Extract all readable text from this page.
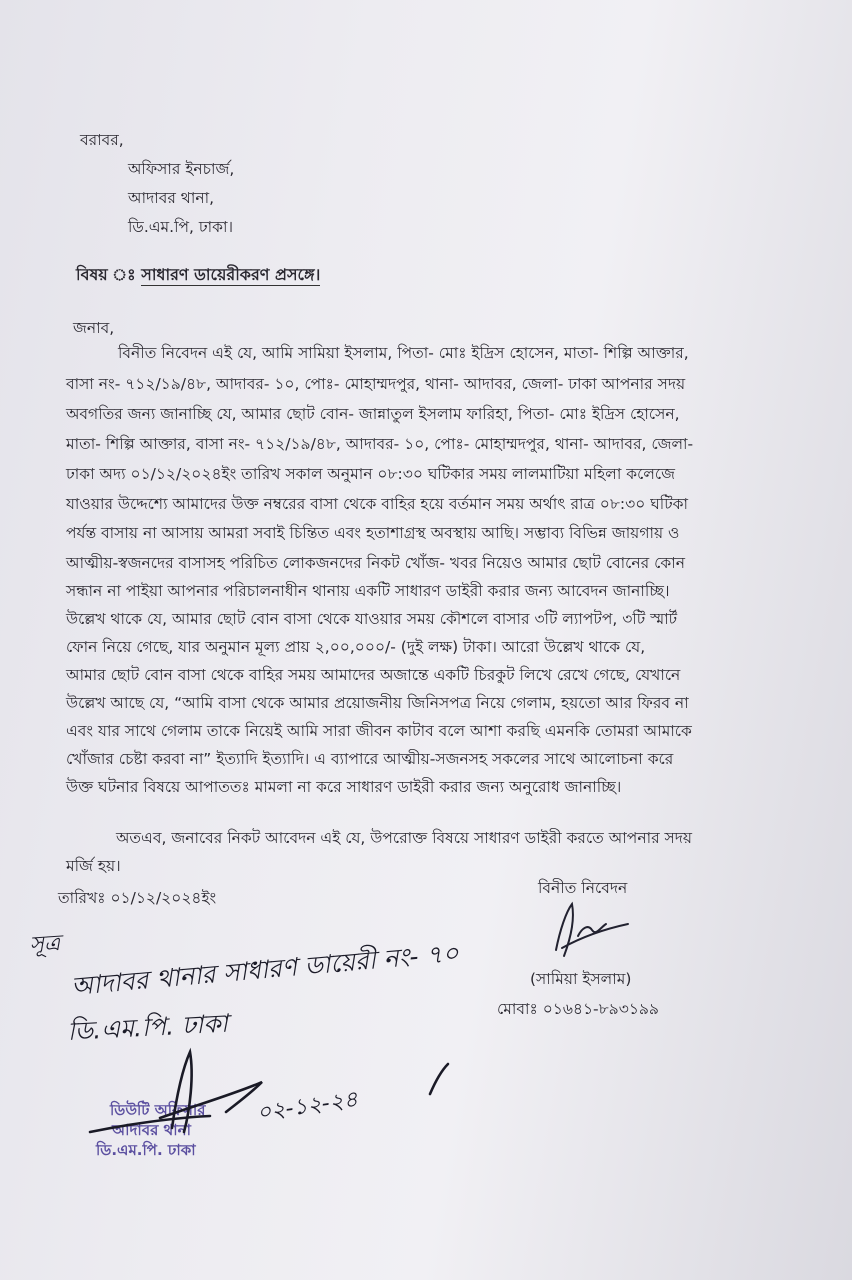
বরাবর,
অফিসার ইনচার্জ,
আদাবর থানা,
ডি.এম.পি, ঢাকা।
বিষয় ঃ সাধারণ ডায়েরীকরণ প্রসঙ্গে।
জনাব,
বিনীত নিবেদন এই যে, আমি সামিয়া ইসলাম, পিতা- মোঃ ইদ্রিস হোসেন, মাতা- শিল্পি আক্তার,
বাসা নং- ৭১২/১৯/৪৮, আদাবর- ১০, পোঃ- মোহাম্মদপুর, থানা- আদাবর, জেলা- ঢাকা আপনার সদয়
অবগতির জন্য জানাচ্ছি যে, আমার ছোট বোন- জান্নাতুল ইসলাম ফারিহা, পিতা- মোঃ ইদ্রিস হোসেন,
মাতা- শিল্পি আক্তার, বাসা নং- ৭১২/১৯/৪৮, আদাবর- ১০, পোঃ- মোহাম্মদপুর, থানা- আদাবর, জেলা-
ঢাকা অদ্য ০১/১২/২০২৪ইং তারিখ সকাল অনুমান ০৮:৩০ ঘটিকার সময় লালমাটিয়া মহিলা কলেজে
যাওয়ার উদ্দেশ্যে আমাদের উক্ত নম্বরের বাসা থেকে বাহির হয়ে বর্তমান সময় অর্থাৎ রাত্র ০৮:৩০ ঘটিকা
পর্যন্ত বাসায় না আসায় আমরা সবাই চিন্তিত এবং হতাশাগ্রস্থ অবস্থায় আছি। সম্ভাব্য বিভিন্ন জায়গায় ও
আত্মীয়-স্বজনদের বাসাসহ পরিচিত লোকজনদের নিকট খোঁজ- খবর নিয়েও আমার ছোট বোনের কোন
সন্ধান না পাইয়া আপনার পরিচালনাধীন থানায় একটি সাধারণ ডাইরী করার জন্য আবেদন জানাচ্ছি।
উল্লেখ থাকে যে, আমার ছোট বোন বাসা থেকে যাওয়ার সময় কৌশলে বাসার ৩টি ল্যাপটপ, ৩টি স্মার্ট
ফোন নিয়ে গেছে, যার অনুমান মূল্য প্রায় ২,০০,০০০/- (দুই লক্ষ) টাকা। আরো উল্লেখ থাকে যে,
আমার ছোট বোন বাসা থেকে বাহির সময় আমাদের অজান্তে একটি চিরকুট লিখে রেখে গেছে, যেখানে
উল্লেখ আছে যে, “আমি বাসা থেকে আমার প্রয়োজনীয় জিনিসপত্র নিয়ে গেলাম, হয়তো আর ফিরব না
এবং যার সাথে গেলাম তাকে নিয়েই আমি সারা জীবন কাটাব বলে আশা করছি এমনকি তোমরা আমাকে
খোঁজার চেষ্টা করবা না” ইত্যাদি ইত্যাদি। এ ব্যাপারে আত্মীয়-সজনসহ সকলের সাথে আলোচনা করে
উক্ত ঘটনার বিষয়ে আপাততঃ মামলা না করে সাধারণ ডাইরী করার জন্য অনুরোধ জানাচ্ছি।
অতএব, জনাবের নিকট আবেদন এই যে, উপরোক্ত বিষয়ে সাধারণ ডাইরী করতে আপনার সদয়
মর্জি হয়।
তারিখঃ ০১/১২/২০২৪ইং
বিনীত নিবেদন
(সামিয়া ইসলাম)
মোবাঃ ০১৬৪১-৮৯৩১৯৯
ডিউটি অফিসার
আদাবর থানা
ডি.এম.পি. ঢাকা
সূত্র আদাবর থানার সাধারণ ডায়েরী নং- ৭০
ডি.এম.পি. ঢাকা
০২-১২-২৪
